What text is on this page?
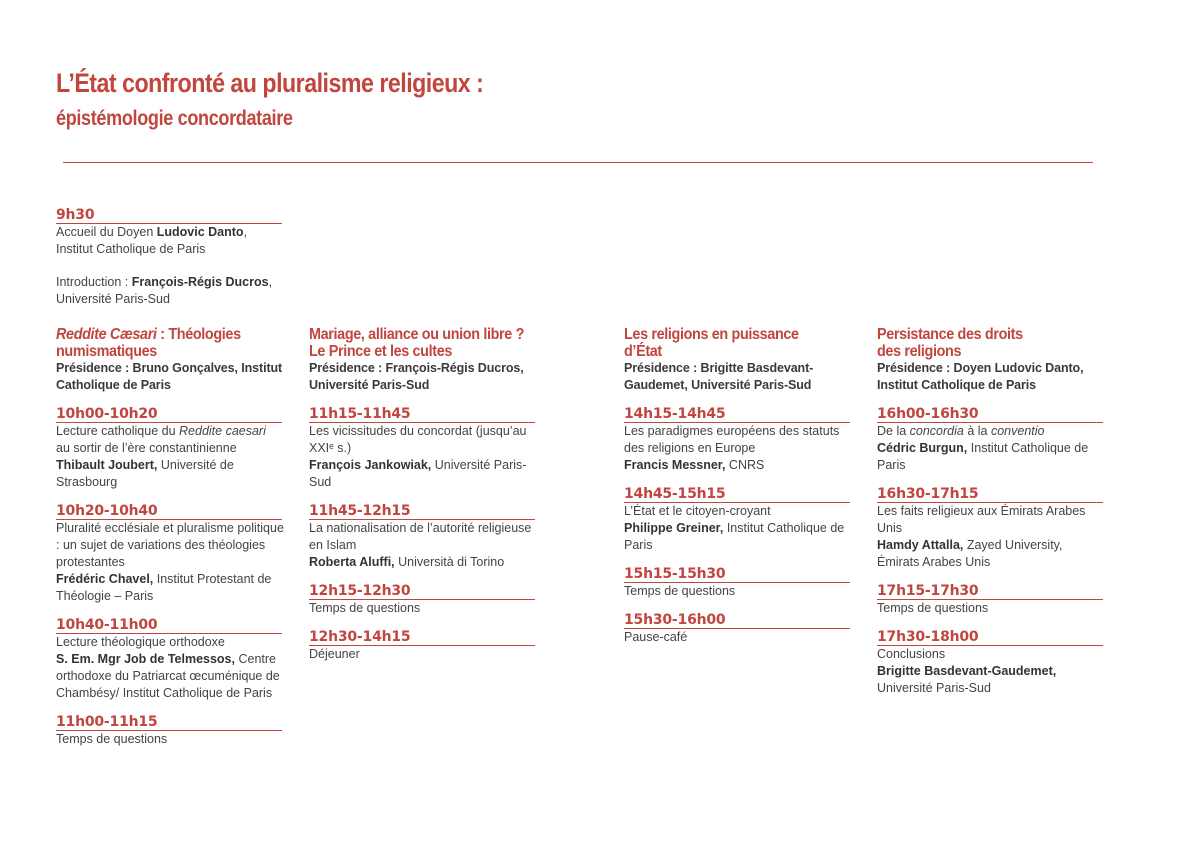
L’État confronté au pluralisme religieux :
épistémologie concordataire
9h30
Accueil du Doyen Ludovic Danto,
Institut Catholique de Paris
Introduction : François-Régis Ducros,
Université Paris-Sud
Reddite Cæsari : Théologies
numismatiques
Présidence : Bruno Gonçalves, Institut Catholique de Paris
10h00-10h20
Lecture catholique du Reddite caesari
au sortir de l’ère constantinienne
Thibault Joubert, Université de Strasbourg
10h20-10h40
Pluralité ecclésiale et pluralisme politique : un sujet de variations des théologies protestantes
Frédéric Chavel, Institut Protestant de Théologie – Paris
10h40-11h00
Lecture théologique orthodoxe
S. Em. Mgr Job de Telmessos, Centre orthodoxe du Patriarcat œcuménique de Chambésy/ Institut Catholique de Paris
11h00-11h15
Temps de questions
Mariage, alliance ou union libre ?
Le Prince et les cultes
Présidence : François-Régis Ducros, Université Paris-Sud
11h15-11h45
Les vicissitudes du concordat (jusqu’au XXIᵉ s.)
François Jankowiak, Université Paris-Sud
11h45-12h15
La nationalisation de l’autorité religieuse en Islam
Roberta Aluffi, Università di Torino
12h15-12h30
Temps de questions
12h30-14h15
Déjeuner
Les religions en puissance
d’État
Présidence : Brigitte Basdevant-Gaudemet, Université Paris-Sud
14h15-14h45
Les paradigmes européens des statuts des religions en Europe
Francis Messner, CNRS
14h45-15h15
L’État et le citoyen-croyant
Philippe Greiner, Institut Catholique de Paris
15h15-15h30
Temps de questions
15h30-16h00
Pause-café
Persistance des droits
des religions
Présidence : Doyen Ludovic Danto, Institut Catholique de Paris
16h00-16h30
De la concordia à la conventio
Cédric Burgun, Institut Catholique de Paris
16h30-17h15
Les faits religieux aux Émirats Arabes Unis
Hamdy Attalla, Zayed University, Émirats Arabes Unis
17h15-17h30
Temps de questions
17h30-18h00
Conclusions
Brigitte Basdevant-Gaudemet,
Université Paris-Sud
